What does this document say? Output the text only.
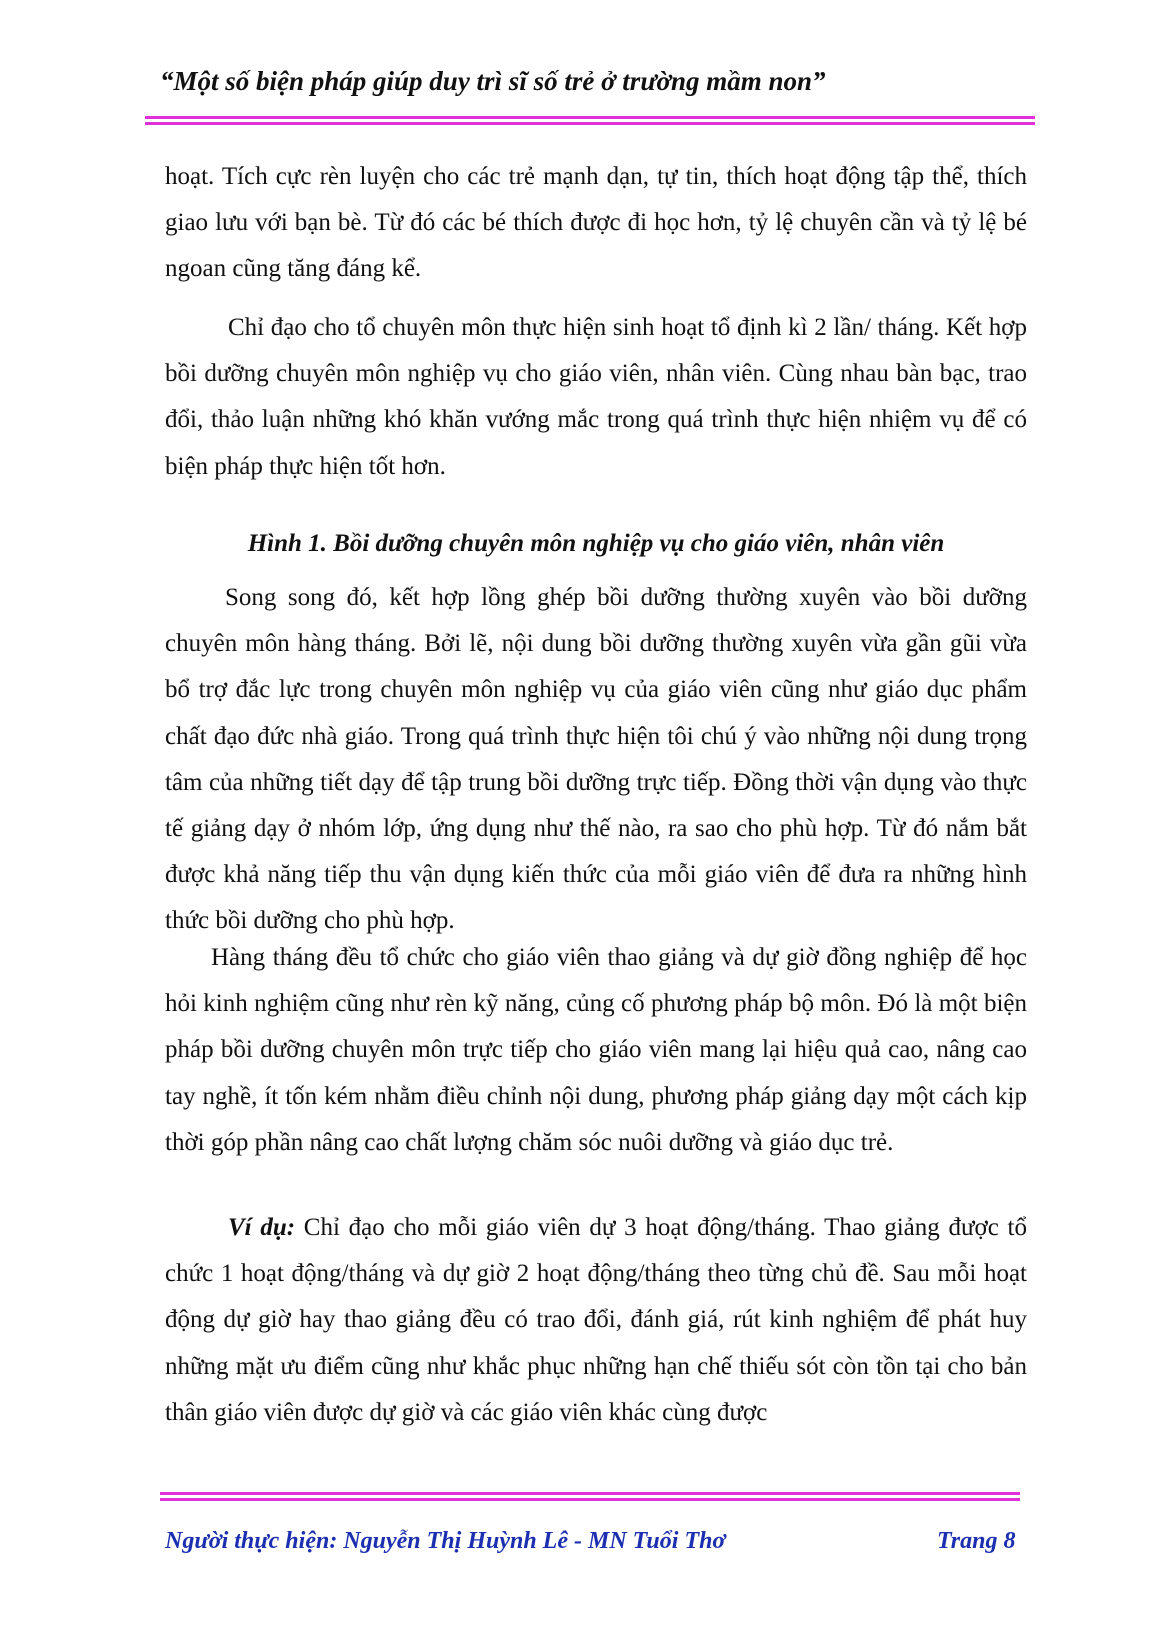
“Một số biện pháp giúp duy trì sĩ số trẻ ở trường mầm non”

hoạt. Tích cực rèn luyện cho các trẻ mạnh dạn, tự tin, thích hoạt động tập thể, thích giao lưu với bạn bè. Từ đó các bé thích được đi học hơn, tỷ lệ chuyên cần và tỷ lệ bé ngoan cũng tăng đáng kể.

Chỉ đạo cho tổ chuyên môn thực hiện sinh hoạt tổ định kì 2 lần/ tháng. Kết hợp bồi dưỡng chuyên môn nghiệp vụ cho giáo viên, nhân viên. Cùng nhau bàn bạc, trao đổi, thảo luận những khó khăn vướng mắc trong quá trình thực hiện nhiệm vụ để có biện pháp thực hiện tốt hơn.

Hình 1. Bồi dưỡng chuyên môn nghiệp vụ cho giáo viên, nhân viên

Song song đó, kết hợp lồng ghép bồi dưỡng thường xuyên vào bồi dưỡng chuyên môn hàng tháng. Bởi lẽ, nội dung bồi dưỡng thường xuyên vừa gần gũi vừa bổ trợ đắc lực trong chuyên môn nghiệp vụ của giáo viên cũng như giáo dục phẩm chất đạo đức nhà giáo. Trong quá trình thực hiện tôi chú ý vào những nội dung trọng tâm của những tiết dạy để tập trung bồi dưỡng trực tiếp. Đồng thời vận dụng vào thực tế giảng dạy ở nhóm lớp, ứng dụng như thế nào, ra sao cho phù hợp. Từ đó nắm bắt được khả năng tiếp thu vận dụng kiến thức của mỗi giáo viên để đưa ra những hình thức bồi dưỡng cho phù hợp.

Hàng tháng đều tổ chức cho giáo viên thao giảng và dự giờ đồng nghiệp để học hỏi kinh nghiệm cũng như rèn kỹ năng, củng cố phương pháp bộ môn. Đó là một biện pháp bồi dưỡng chuyên môn trực tiếp cho giáo viên mang lại hiệu quả cao, nâng cao tay nghề, ít tốn kém nhằm điều chỉnh nội dung, phương pháp giảng dạy một cách kịp thời góp phần nâng cao chất lượng chăm sóc nuôi dưỡng và giáo dục trẻ.

Ví dụ: Chỉ đạo cho mỗi giáo viên dự 3 hoạt động/tháng. Thao giảng được tổ chức 1 hoạt động/tháng và dự giờ 2 hoạt động/tháng theo từng chủ đề. Sau mỗi hoạt động dự giờ hay thao giảng đều có trao đổi, đánh giá, rút kinh nghiệm để phát huy những mặt ưu điểm cũng như khắc phục những hạn chế thiếu sót còn tồn tại cho bản thân giáo viên được dự giờ và các giáo viên khác cùng được

Người thực hiện: Nguyễn Thị Huỳnh Lê - MN Tuổi Thơ	Trang 8
